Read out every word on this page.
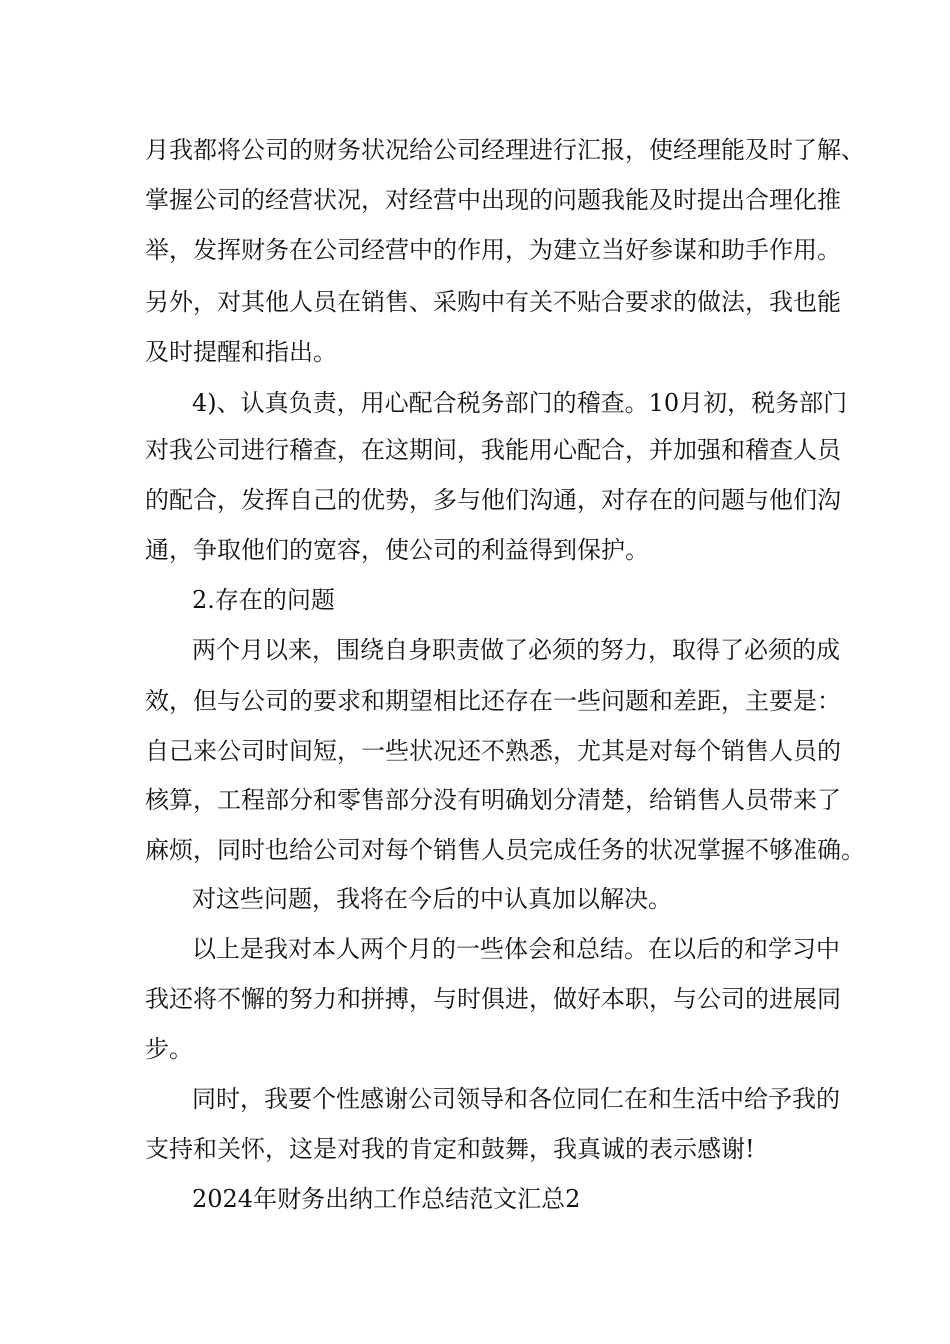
月我都将公司的财务状况给公司经理进行汇报，使经理能及时了解、
掌握公司的经营状况，对经营中出现的问题我能及时提出合理化推
举，发挥财务在公司经营中的作用，为建立当好参谋和助手作用。
另外，对其他人员在销售、采购中有关不贴合要求的做法，我也能
及时提醒和指出。
4)、认真负责，用心配合税务部门的稽查。10月初，税务部门
对我公司进行稽查，在这期间，我能用心配合，并加强和稽查人员
的配合，发挥自己的优势，多与他们沟通，对存在的问题与他们沟
通，争取他们的宽容，使公司的利益得到保护。
2.存在的问题
两个月以来，围绕自身职责做了必须的努力，取得了必须的成
效，但与公司的要求和期望相比还存在一些问题和差距，主要是：
自己来公司时间短，一些状况还不熟悉，尤其是对每个销售人员的
核算，工程部分和零售部分没有明确划分清楚，给销售人员带来了
麻烦，同时也给公司对每个销售人员完成任务的状况掌握不够准确。
对这些问题，我将在今后的中认真加以解决。
以上是我对本人两个月的一些体会和总结。在以后的和学习中
我还将不懈的努力和拼搏，与时俱进，做好本职，与公司的进展同
步。
同时，我要个性感谢公司领导和各位同仁在和生活中给予我的
支持和关怀，这是对我的肯定和鼓舞，我真诚的表示感谢!
2024年财务出纳工作总结范文汇总2
